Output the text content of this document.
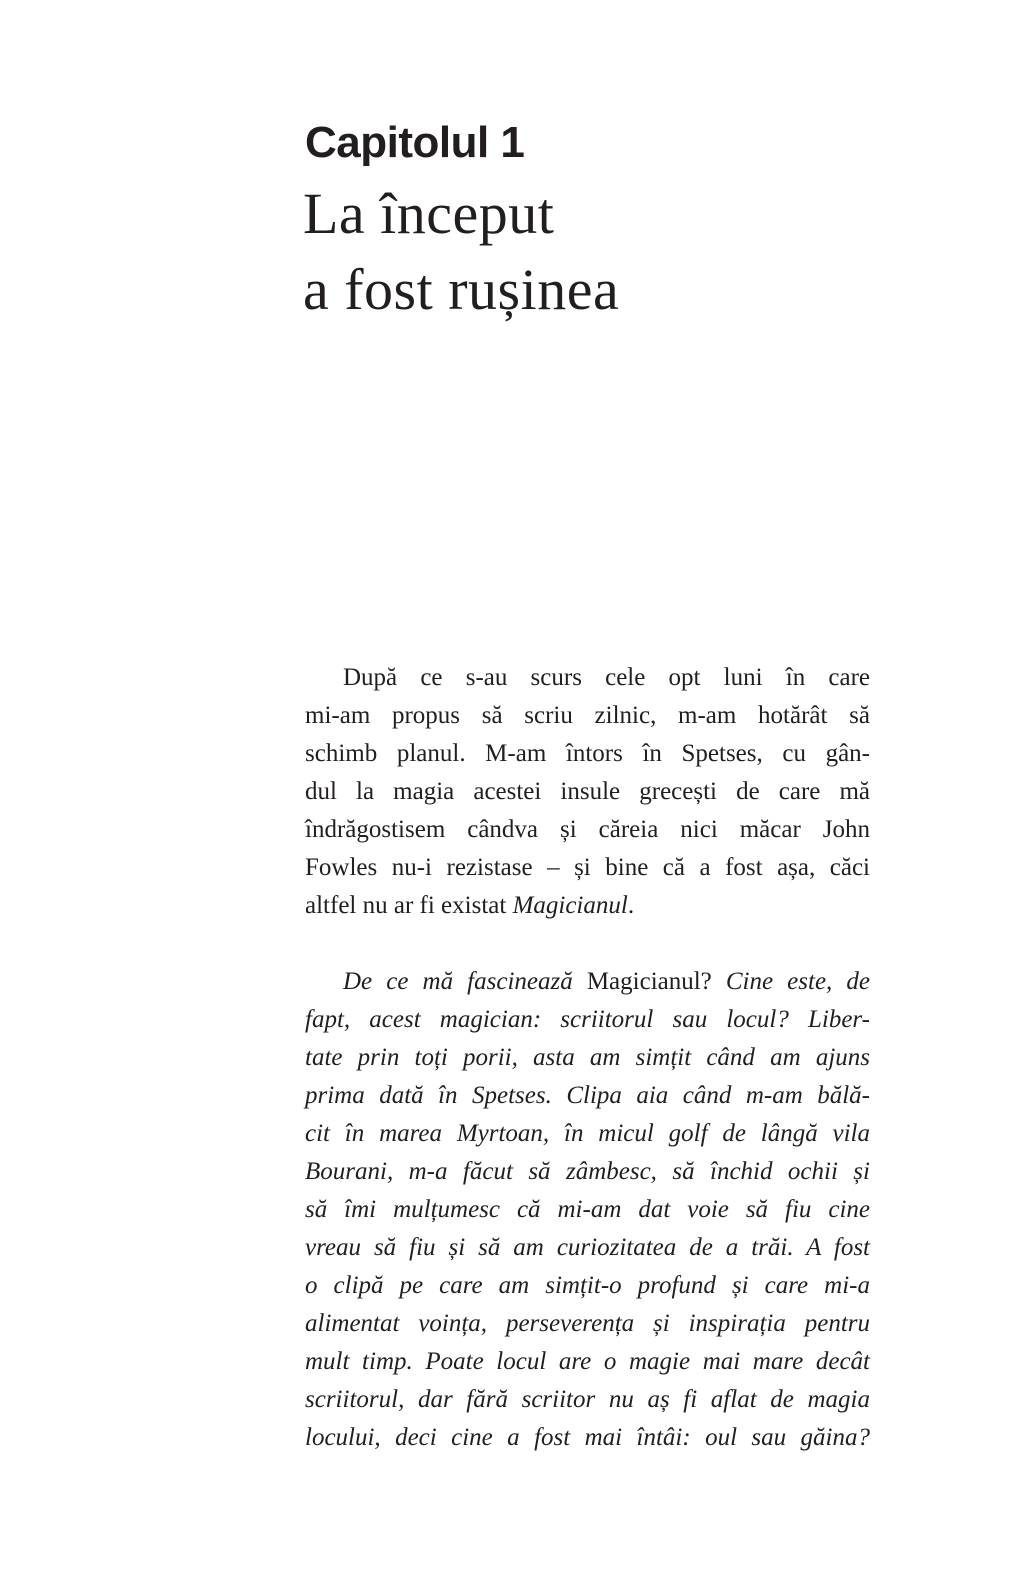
Capitolul 1
La început
a fost rușinea
După ce s-au scurs cele opt luni în care
mi-am propus să scriu zilnic, m-am hotărât să
schimb planul. M-am întors în Spetses, cu gân-
dul la magia acestei insule grecești de care mă
îndrăgostisem cândva și căreia nici măcar John
Fowles nu-i rezistase – și bine că a fost așa, căci
altfel nu ar fi existat Magicianul.
De ce mă fascinează Magicianul? Cine este, de
fapt, acest magician: scriitorul sau locul? Liber-
tate prin toți porii, asta am simțit când am ajuns
prima dată în Spetses. Clipa aia când m-am bălă-
cit în marea Myrtoan, în micul golf de lângă vila
Bourani, m-a făcut să zâmbesc, să închid ochii și
să îmi mulțumesc că mi-am dat voie să fiu cine
vreau să fiu și să am curiozitatea de a trăi. A fost
o clipă pe care am simțit-o profund și care mi-a
alimentat voința, perseverența și inspirația pentru
mult timp. Poate locul are o magie mai mare decât
scriitorul, dar fără scriitor nu aș fi aflat de magia
locului, deci cine a fost mai întâi: oul sau găina?
